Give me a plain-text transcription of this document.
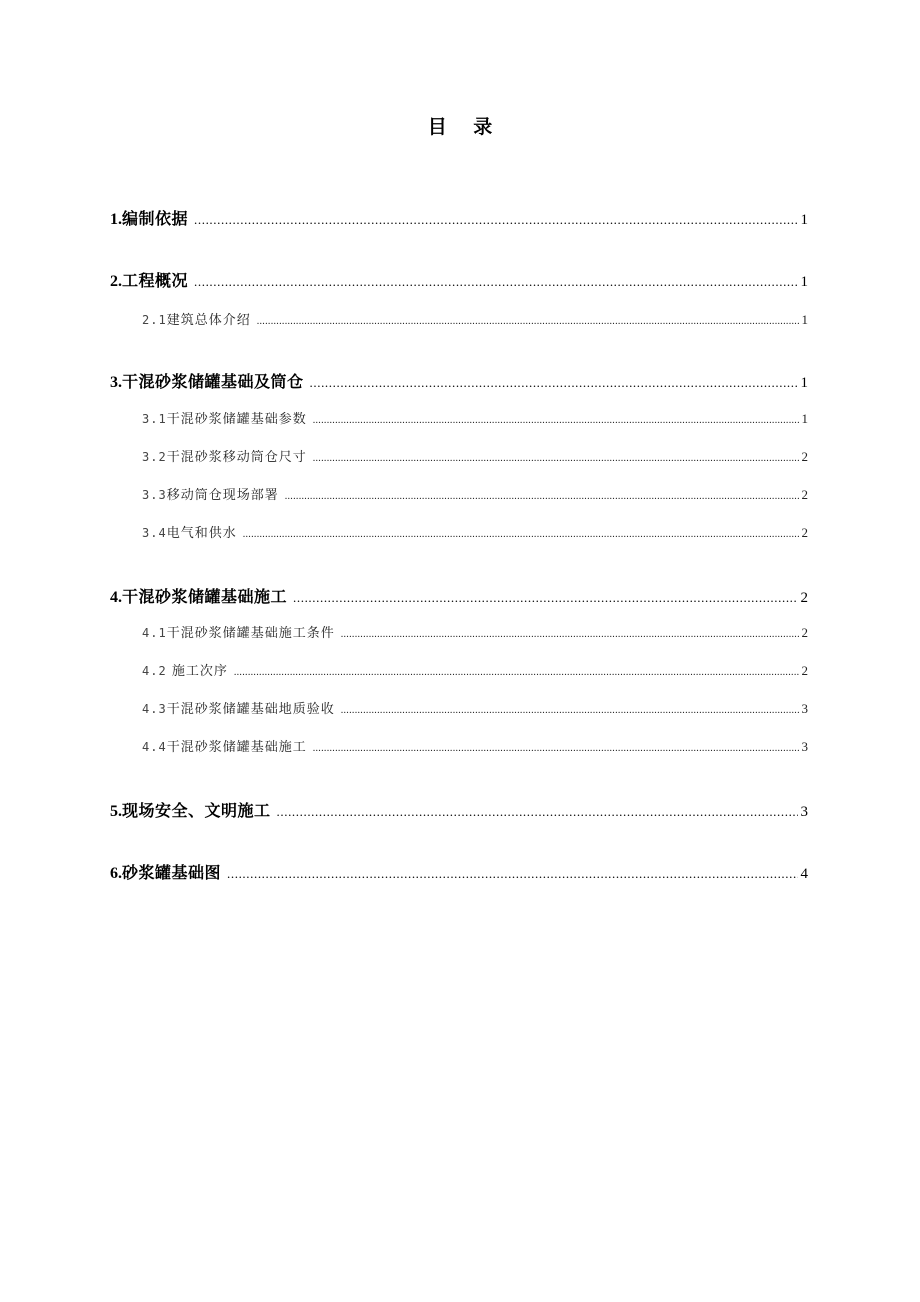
目 录
1. 编制依据 .....	1
2. 工程概况 .....	1
2.1 建筑总体介绍 .....	1
3. 干混砂浆储罐基础及筒仓 .....	1
3.1 干混砂浆储罐基础参数 .....	1
3.2 干混砂浆移动筒仓尺寸 .....	2
3.3 移动筒仓现场部署 .....	2
3.4 电气和供水 .....	2
4. 干混砂浆储罐基础施工 .....	2
4.1 干混砂浆储罐基础施工条件 .....	2
4.2 施工次序 .....	2
4.3 干混砂浆储罐基础地质验收 .....	3
4.4 干混砂浆储罐基础施工 .....	3
5. 现场安全、文明施工 .....	3
6. 砂浆罐基础图 .....	4
